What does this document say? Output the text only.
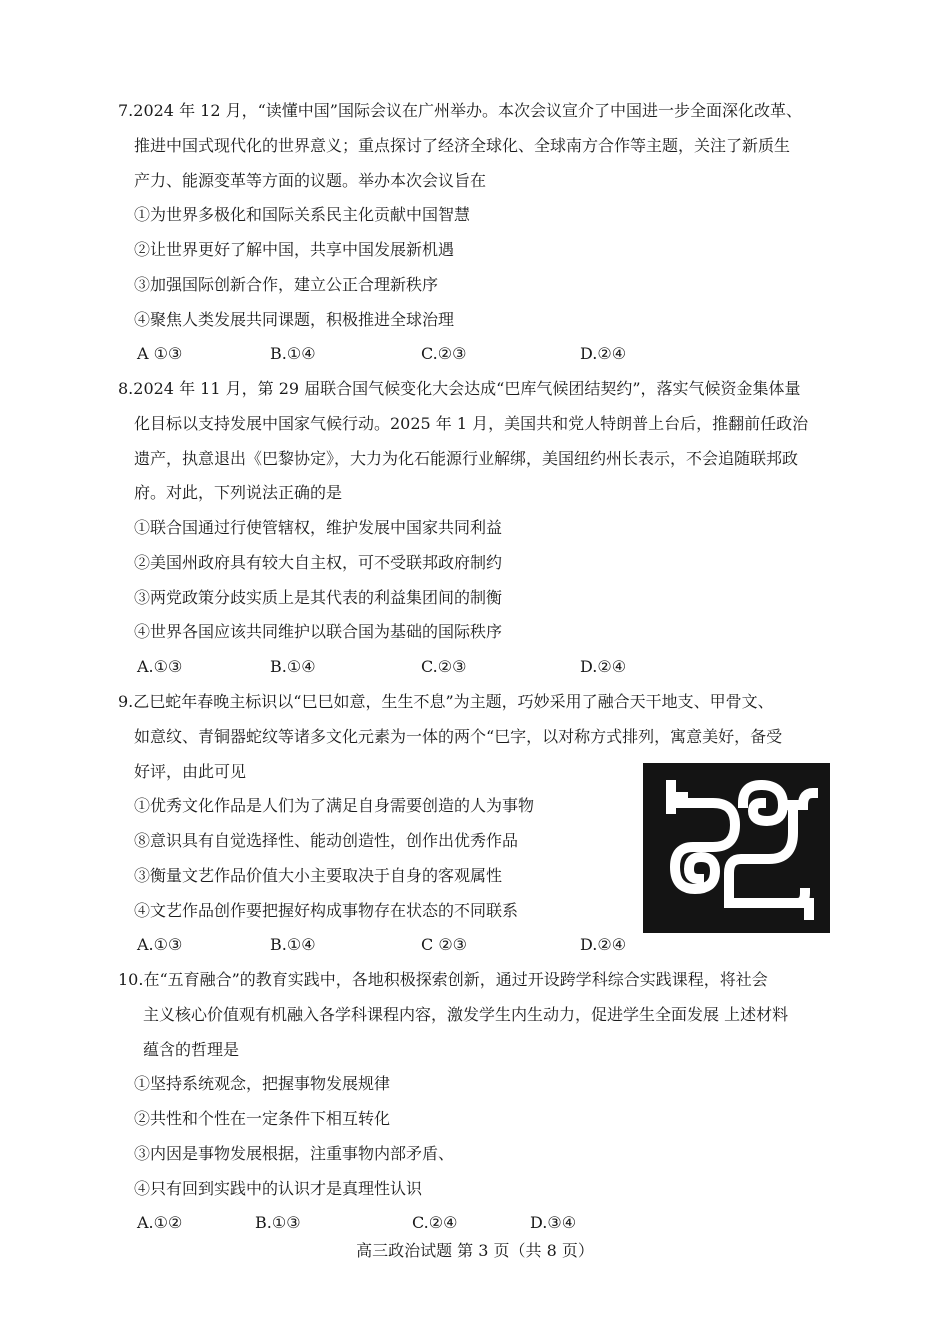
7.2024 年 12 月，“读懂中国”国际会议在广州举办。本次会议宣介了中国进一步全面深化改革、
推进中国式现代化的世界意义；重点探讨了经济全球化、全球南方合作等主题，关注了新质生
产力、能源变革等方面的议题。举办本次会议旨在
①为世界多极化和国际关系民主化贡献中国智慧
②让世界更好了解中国，共享中国发展新机遇
③加强国际创新合作，建立公正合理新秩序
④聚焦人类发展共同课题，积极推进全球治理
A ①③	B.①④	C.②③	D.②④
8.2024 年 11 月，第 29 届联合国气候变化大会达成“巴库气候团结契约”，落实气候资金集体量
化目标以支持发展中国家气候行动。2025 年 1 月，美国共和党人特朗普上台后，推翻前任政治
遗产，执意退出《巴黎协定》，大力为化石能源行业解绑，美国纽约州长表示，不会追随联邦政
府。对此，下列说法正确的是
①联合国通过行使管辖权，维护发展中国家共同利益
②美国州政府具有较大自主权，可不受联邦政府制约
③两党政策分歧实质上是其代表的利益集团间的制衡
④世界各国应该共同维护以联合国为基础的国际秩序
A.①③	B.①④	C.②③	D.②④
9.乙巳蛇年春晚主标识以“巳巳如意，生生不息”为主题，巧妙采用了融合天干地支、甲骨文、
如意纹、青铜器蛇纹等诸多文化元素为一体的两个“巳字，以对称方式排列，寓意美好，备受
好评，由此可见
①优秀文化作品是人们为了满足自身需要创造的人为事物
⑧意识具有自觉选择性、能动创造性，创作出优秀作品
③衡量文艺作品价值大小主要取决于自身的客观属性
④文艺作品创作要把握好构成事物存在状态的不同联系
A.①③	B.①④	C ②③	D.②④
10.在“五育融合”的教育实践中，各地积极探索创新，通过开设跨学科综合实践课程，将社会
主义核心价值观有机融入各学科课程内容，激发学生内生动力，促进学生全面发展 上述材料
蕴含的哲理是
①坚持系统观念，把握事物发展规律
②共性和个性在一定条件下相互转化
③内因是事物发展根据，注重事物内部矛盾、
④只有回到实践中的认识才是真理性认识
A.①②	B.①③	C.②④	D.③④
高三政治试题 第 3 页（共 8 页）
